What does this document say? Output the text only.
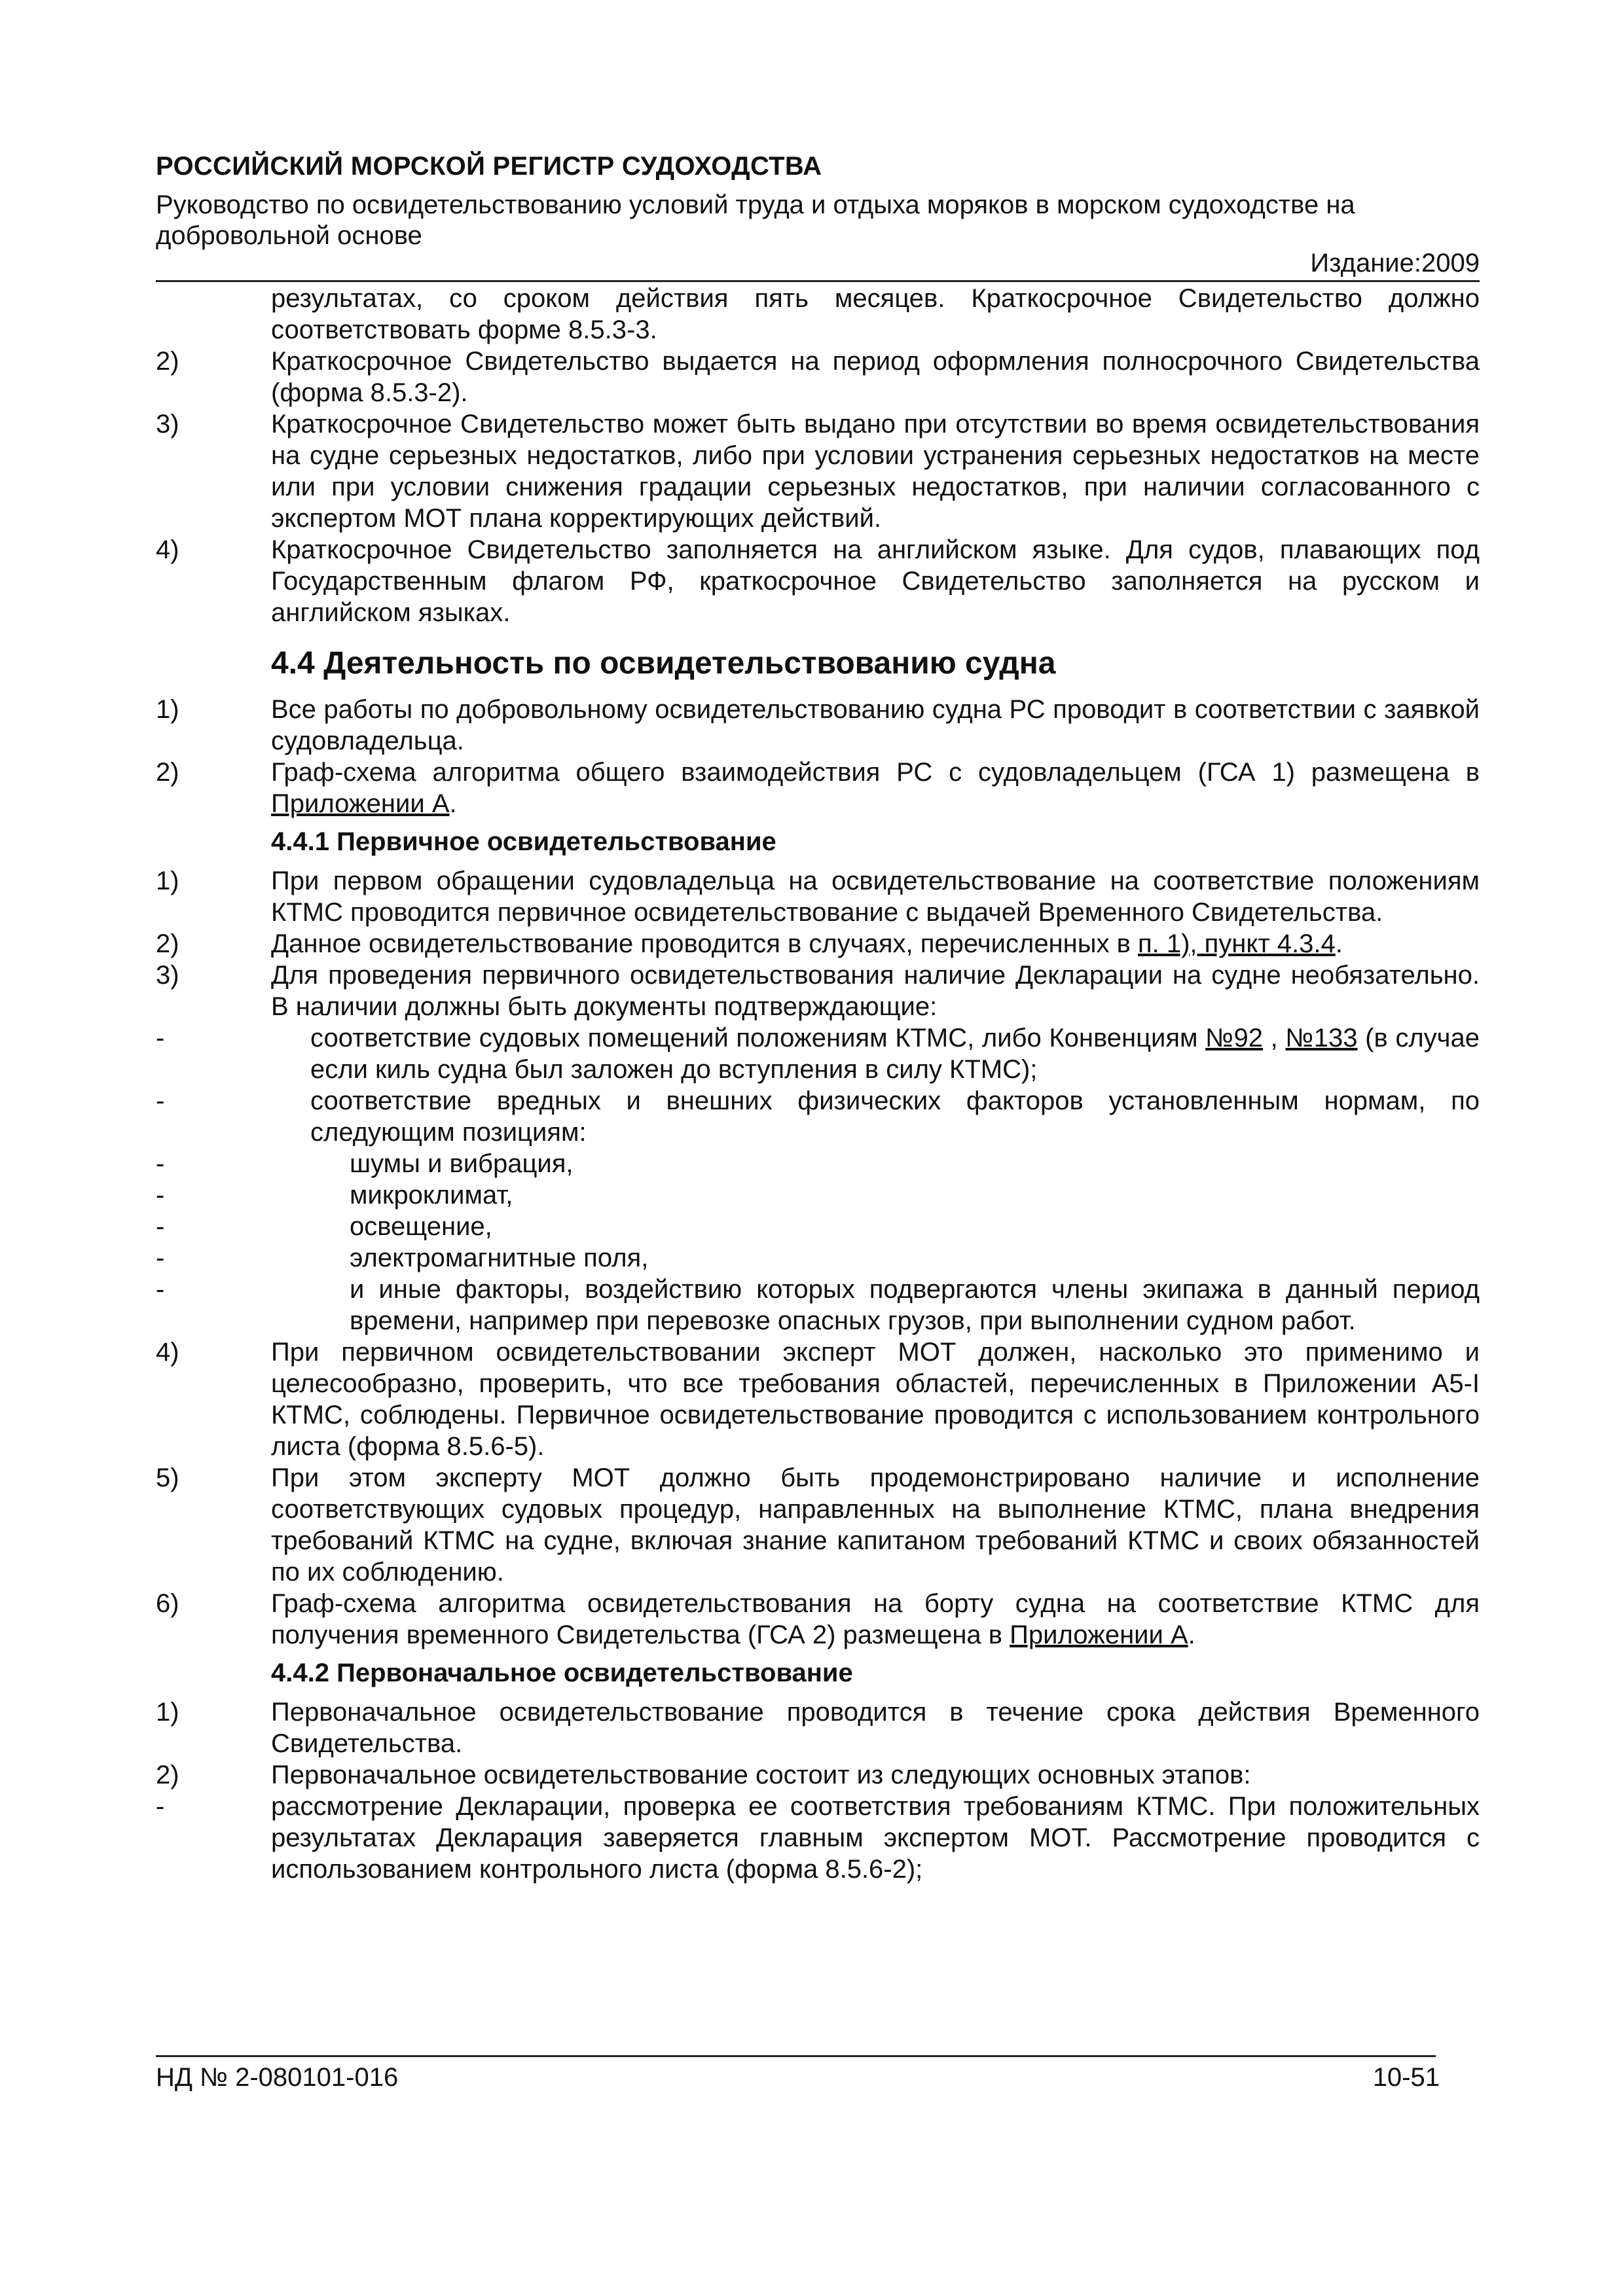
РОССИЙСКИЙ МОРСКОЙ РЕГИСТР СУДОХОДСТВА
Руководство по освидетельствованию условий труда и отдыха моряков в морском судоходстве на добровольной основе
Издание:2009
результатах, со сроком действия пять месяцев. Краткосрочное Свидетельство должно соответствовать форме 8.5.3-3.
2)	Краткосрочное Свидетельство выдается на период оформления полносрочного Свидетельства (форма 8.5.3-2).
3)	Краткосрочное Свидетельство может быть выдано при отсутствии во время освидетельствования на судне серьезных недостатков, либо при условии устранения серьезных недостатков на месте или при условии снижения градации серьезных недостатков, при наличии согласованного с экспертом МОТ плана корректирующих действий.
4)	Краткосрочное Свидетельство заполняется на английском языке. Для судов, плавающих под Государственным флагом РФ, краткосрочное Свидетельство заполняется на русском и английском языках.
4.4 Деятельность по освидетельствованию судна
1)	Все работы по добровольному освидетельствованию судна РС проводит в соответствии с заявкой судовладельца.
2)	Граф-схема алгоритма общего взаимодействия РС с судовладельцем (ГСА 1) размещена в Приложении А.
4.4.1 Первичное освидетельствование
1)	При первом обращении судовладельца на освидетельствование на соответствие положениям КТМС проводится первичное освидетельствование с выдачей Временного Свидетельства.
2)	Данное освидетельствование проводится в случаях, перечисленных в п. 1), пункт 4.3.4.
3)	Для проведения первичного освидетельствования наличие Декларации на судне необязательно. В наличии должны быть документы подтверждающие:
-	соответствие судовых помещений положениям КТМС, либо Конвенциям №92 , №133 (в случае если киль судна был заложен до вступления в силу КТМС);
-	соответствие вредных и внешних физических факторов установленным нормам, по следующим позициям:
-	шумы и вибрация,
-	микроклимат,
-	освещение,
-	электромагнитные поля,
-	и иные факторы, воздействию которых подвергаются члены экипажа в данный период времени, например при перевозке опасных грузов, при выполнении судном работ.
4)	При первичном освидетельствовании эксперт МОТ должен, насколько это применимо и целесообразно, проверить, что все требования областей, перечисленных в Приложении А5-I КТМС, соблюдены. Первичное освидетельствование проводится с использованием контрольного листа (форма 8.5.6-5).
5)	При этом эксперту МОТ должно быть продемонстрировано наличие и исполнение соответствующих судовых процедур, направленных на выполнение КТМС, плана внедрения требований КТМС на судне, включая знание капитаном требований КТМС и своих обязанностей по их соблюдению.
6)	Граф-схема алгоритма освидетельствования на борту судна на соответствие КТМС для получения временного Свидетельства (ГСА 2) размещена в Приложении А.
4.4.2 Первоначальное освидетельствование
1)	Первоначальное освидетельствование проводится в течение срока действия Временного Свидетельства.
2)	Первоначальное освидетельствование состоит из следующих основных этапов:
-	рассмотрение Декларации, проверка ее соответствия требованиям КТМС. При положительных результатах Декларация заверяется главным экспертом МОТ. Рассмотрение проводится с использованием контрольного листа (форма 8.5.6-2);
НД № 2-080101-016	10-51
